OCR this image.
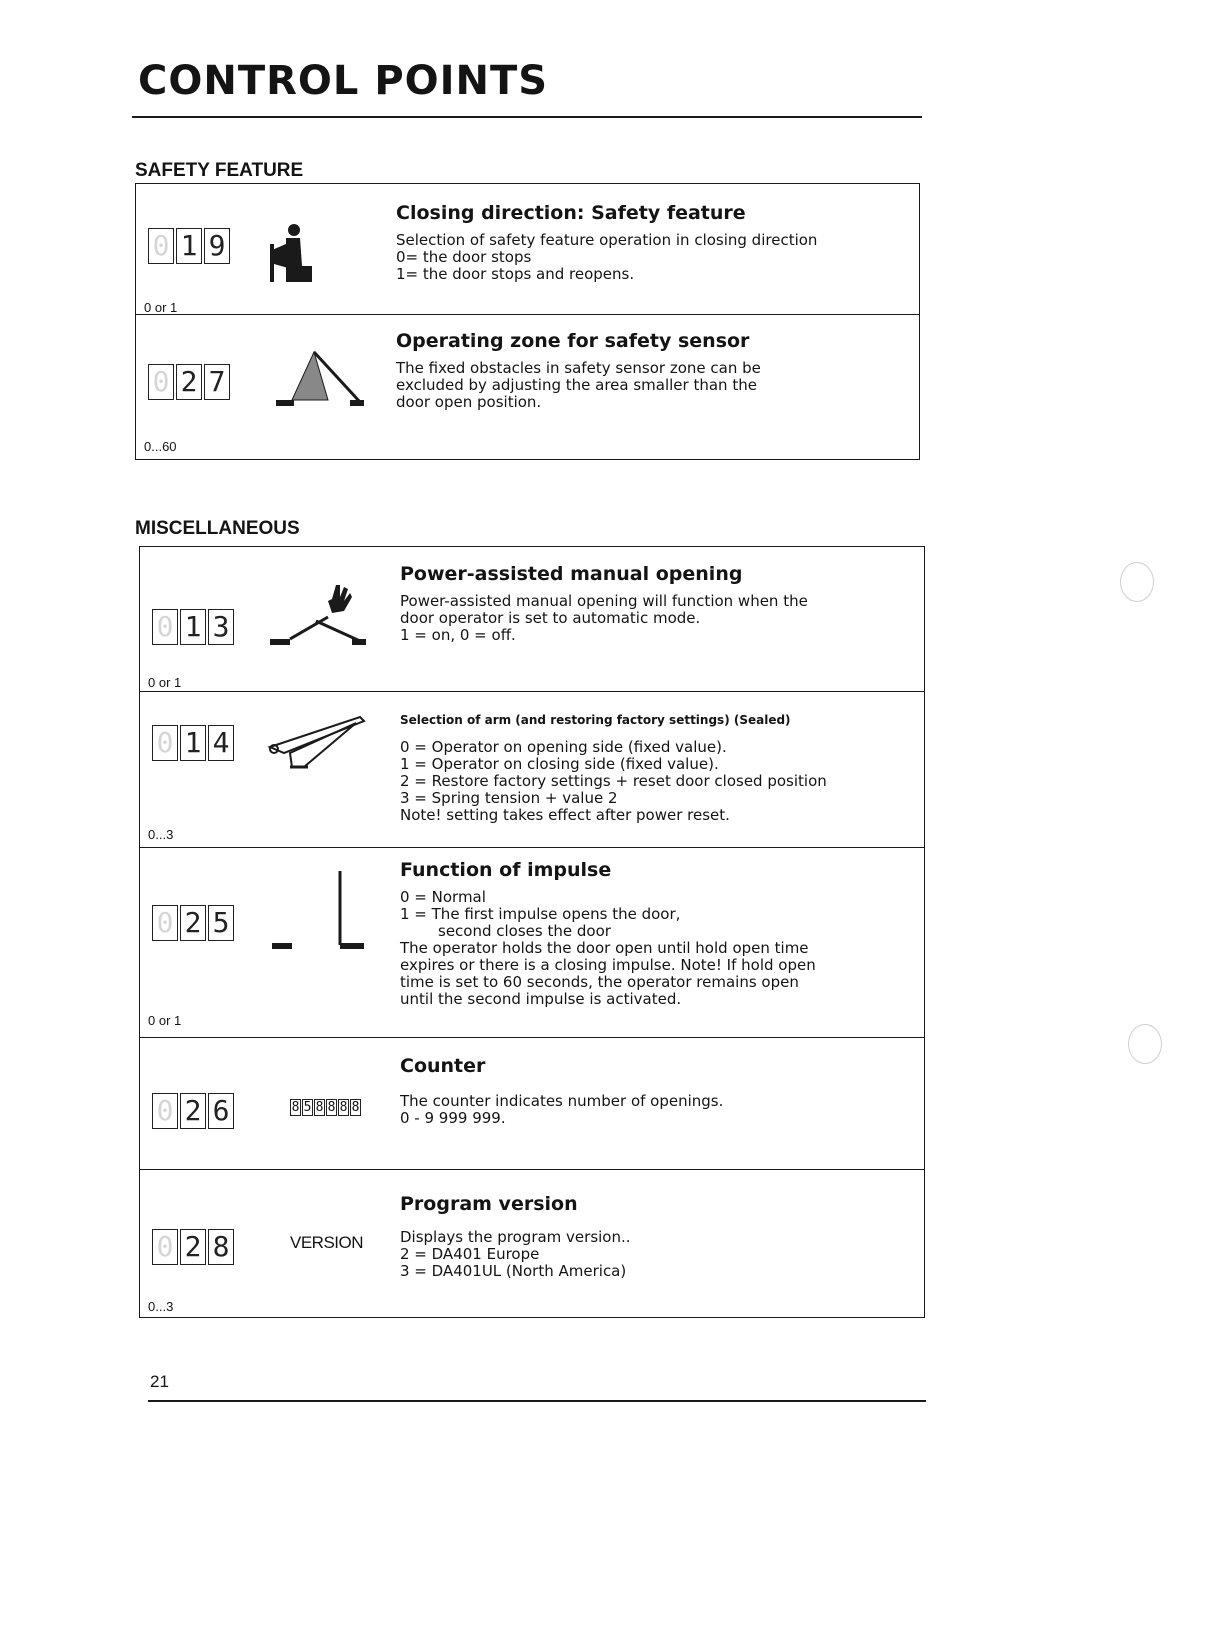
CONTROL POINTS
SAFETY FEATURE
0 1 9
0 or 1
Closing direction: Safety feature

Selection of safety feature operation in closing direction

0= the door stops

1= the door stops and reopens.

0 2 7
0...60
Operating zone for safety sensor

The fixed obstacles in safety sensor zone can be

excluded by adjusting the area smaller than the

door open position.

MISCELLANEOUS
0 1 3
0 or 1
Power-assisted manual opening

Power-assisted manual opening will function when the

door operator is set to automatic mode.

1 = on, 0 = off.

0 1 4
0...3
Selection of arm (and restoring factory settings) (Sealed)

0 = Operator on opening side (fixed value).

1 = Operator on closing side (fixed value).

2 = Restore factory settings + reset door closed position

3 = Spring tension + value 2

Note! setting takes effect after power reset.

0 2 5
0 or 1
Function of impulse

0 = Normal

1 = The first impulse opens the door,

second closes the door

The operator holds the door open until hold open time

expires or there is a closing impulse. Note! If hold open

time is set to 60 seconds, the operator remains open

until the second impulse is activated.

0 2 6	8 5 8 8 8 8
Counter

The counter indicates number of openings.

0 - 9 999 999.

0 2 8	VERSION
0...3
Program version

Displays the program version..

2 = DA401 Europe

3 = DA401UL (North America)

21
